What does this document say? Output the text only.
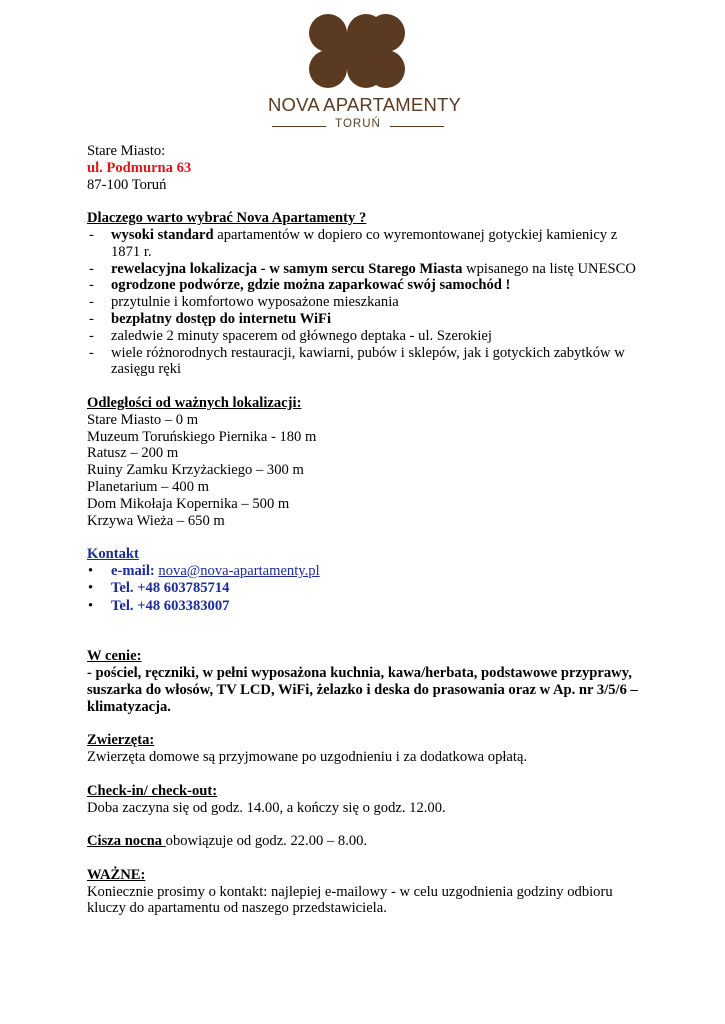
NOVA APARTAMENTY
TORUŃ
Stare Miasto:
ul. Podmurna 63
87-100 Toruń
Dlaczego warto wybrać Nova Apartamenty ?
- wysoki standard apartamentów w dopiero co wyremontowanej gotyckiej kamienicy z 1871 r.
- rewelacyjna lokalizacja - w samym sercu Starego Miasta wpisanego na listę UNESCO
- ogrodzone podwórze, gdzie można zaparkować swój samochód !
- przytulnie i komfortowo wyposażone mieszkania
- bezpłatny dostęp do internetu WiFi
- zaledwie 2 minuty spacerem od głównego deptaka - ul. Szerokiej
- wiele różnorodnych restauracji, kawiarni, pubów i sklepów, jak i gotyckich zabytków w zasięgu ręki
Odległości od ważnych lokalizacji:
Stare Miasto – 0 m
Muzeum Toruńskiego Piernika - 180 m
Ratusz – 200 m
Ruiny Zamku Krzyżackiego – 300 m
Planetarium – 400 m
Dom Mikołaja Kopernika – 500 m
Krzywa Wieża – 650 m
Kontakt
• e-mail: nova@nova-apartamenty.pl
• Tel. +48 603785714
• Tel. +48 603383007
W cenie:
- pościel, ręczniki, w pełni wyposażona kuchnia, kawa/herbata, podstawowe przyprawy, suszarka do włosów, TV LCD, WiFi, żelazko i deska do prasowania oraz w Ap. nr 3/5/6 – klimatyzacja.
Zwierzęta:
Zwierzęta domowe są przyjmowane po uzgodnieniu i za dodatkowa opłatą.
Check-in/ check-out:
Doba zaczyna się od godz. 14.00, a kończy się o godz. 12.00.
Cisza nocna obowiązuje od godz. 22.00 – 8.00.
WAŻNE:
Koniecznie prosimy o kontakt: najlepiej e-mailowy - w celu uzgodnienia godziny odbioru kluczy do apartamentu od naszego przedstawiciela.
